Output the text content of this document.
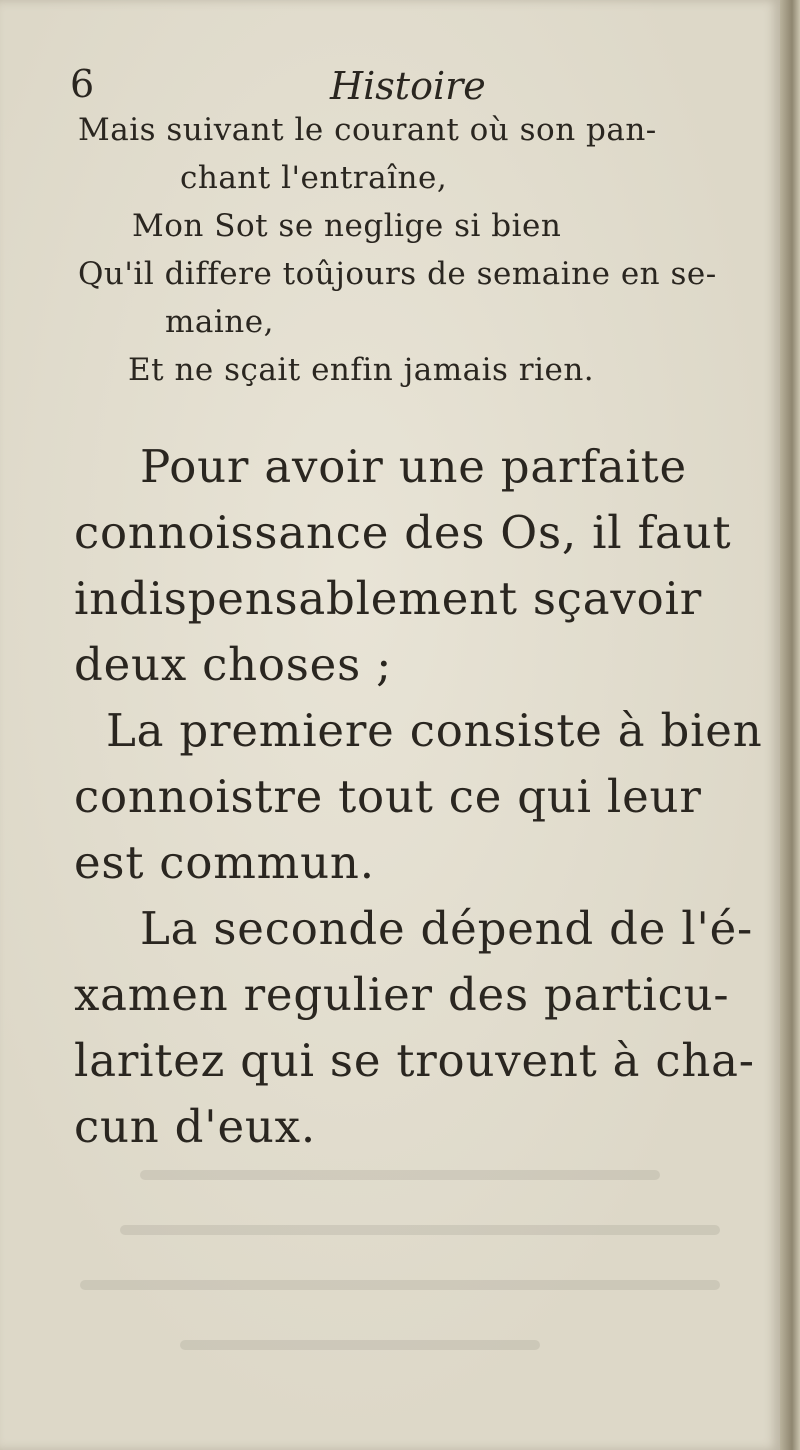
6	Histoire
Mais suivant le courant où son pan-
chant l'entraîne,
Mon Sot se neglige si bien
Qu'il differe toûjours de semaine en se-
maine,
Et ne sçait enfin jamais rien.
Pour avoir une parfaite
connoissance des Os, il faut
indispensablement sçavoir
deux choses ;
La premiere consiste à bien
connoistre tout ce qui leur
est commun.
La seconde dépend de l'é-
xamen regulier des particu-
laritez qui se trouvent à cha-
cun d'eux.
